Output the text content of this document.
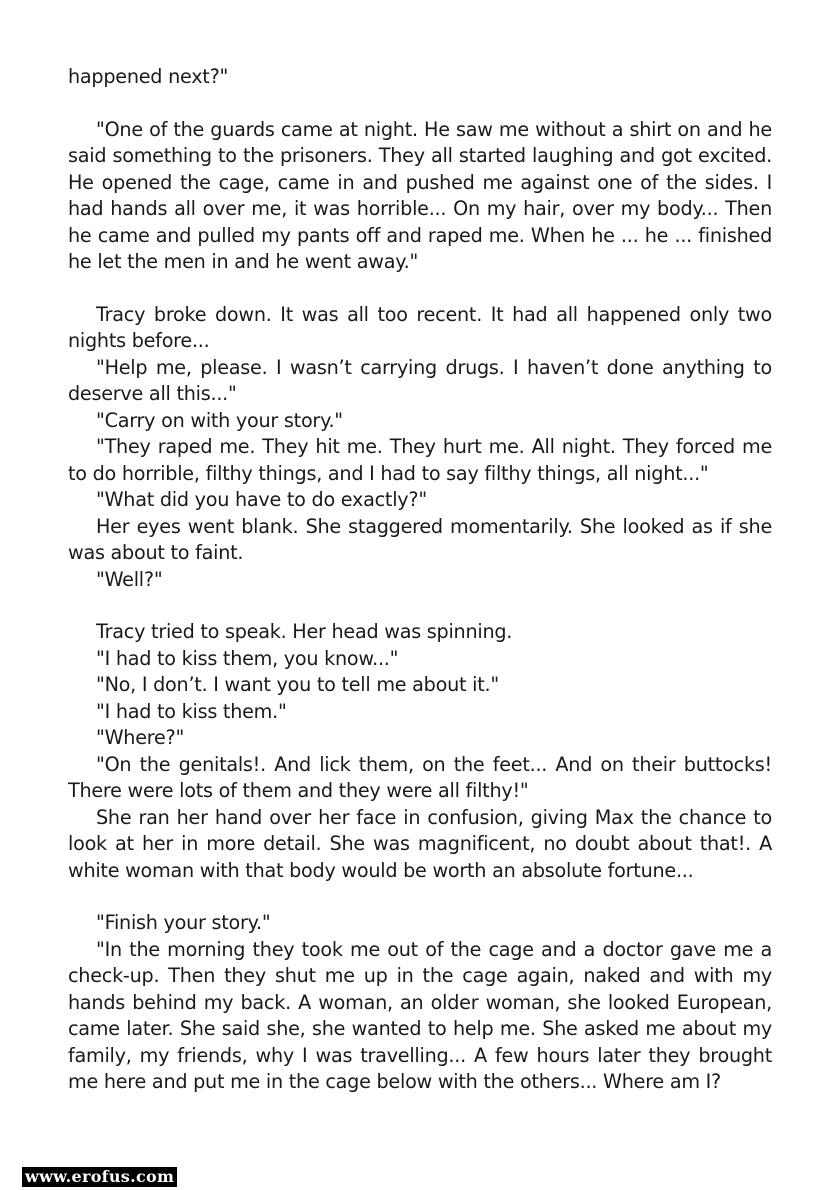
happened next?"

"One of the guards came at night. He saw me without a shirt on and he said something to the prisoners. They all started laughing and got excited. He opened the cage, came in and pushed me against one of the sides. I had hands all over me, it was horrible... On my hair, over my body... Then he came and pulled my pants off and raped me. When he ... he ... finished he let the men in and he went away."

Tracy broke down. It was all too recent. It had all happened only two nights before...

"Help me, please. I wasn’t carrying drugs. I haven’t done anything to deserve all this..."

"Carry on with your story."

"They raped me. They hit me. They hurt me. All night. They forced me to do horrible, filthy things, and I had to say filthy things, all night..."

"What did you have to do exactly?"

Her eyes went blank. She staggered momentarily. She looked as if she was about to faint.

"Well?"

Tracy tried to speak. Her head was spinning.

"I had to kiss them, you know..."

"No, I don’t. I want you to tell me about it."

"I had to kiss them."

"Where?"

"On the genitals!. And lick them, on the feet... And on their buttocks! There were lots of them and they were all filthy!"

She ran her hand over her face in confusion, giving Max the chance to look at her in more detail. She was magnificent, no doubt about that!. A white woman with that body would be worth an absolute fortune...

"Finish your story."

"In the morning they took me out of the cage and a doctor gave me a check-up. Then they shut me up in the cage again, naked and with my hands behind my back. A woman, an older woman, she looked European, came later. She said she, she wanted to help me. She asked me about my family, my friends, why I was travelling... A few hours later they brought me here and put me in the cage below with the others... Where am I?

www.erofus.com
